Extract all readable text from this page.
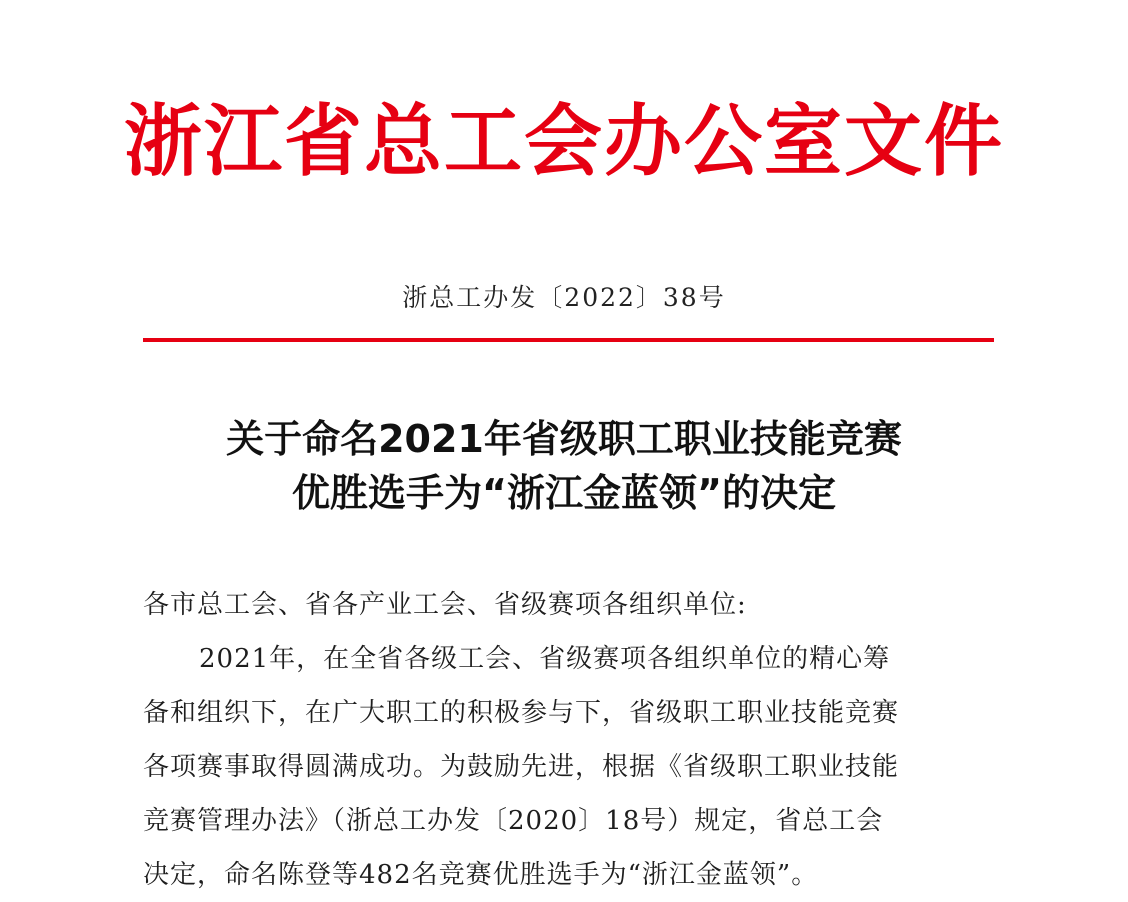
浙江省总工会办公室文件
浙总工办发〔2022〕38号
关于命名2021年省级职工职业技能竞赛
优胜选手为“浙江金蓝领”的决定
各市总工会、省各产业工会、省级赛项各组织单位:
2021年，在全省各级工会、省级赛项各组织单位的精心筹
备和组织下，在广大职工的积极参与下，省级职工职业技能竞赛
各项赛事取得圆满成功。为鼓励先进，根据《省级职工职业技能
竞赛管理办法》（浙总工办发〔2020〕18号）规定，省总工会
决定，命名陈登等482名竞赛优胜选手为“浙江金蓝领”。
